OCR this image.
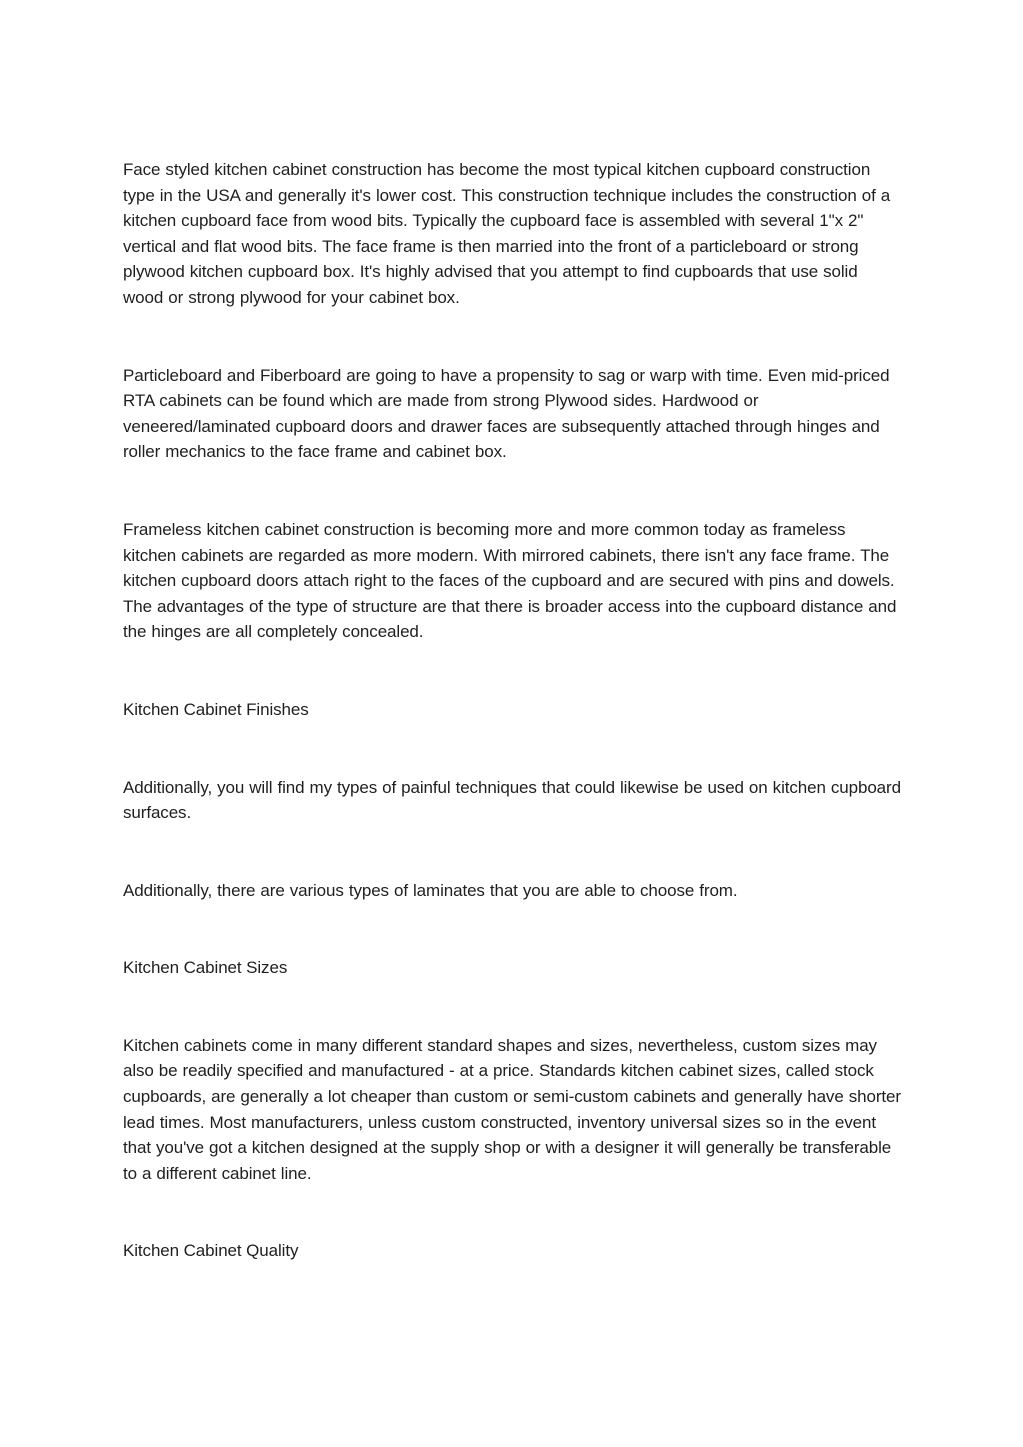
Face styled kitchen cabinet construction has become the most typical kitchen cupboard construction type in the USA and generally it's lower cost. This construction technique includes the construction of a kitchen cupboard face from wood bits. Typically the cupboard face is assembled with several 1"x 2" vertical and flat wood bits. The face frame is then married into the front of a particleboard or strong plywood kitchen cupboard box. It's highly advised that you attempt to find cupboards that use solid wood or strong plywood for your cabinet box.

Particleboard and Fiberboard are going to have a propensity to sag or warp with time. Even mid-priced RTA cabinets can be found which are made from strong Plywood sides. Hardwood or veneered/laminated cupboard doors and drawer faces are subsequently attached through hinges and roller mechanics to the face frame and cabinet box.

Frameless kitchen cabinet construction is becoming more and more common today as frameless kitchen cabinets are regarded as more modern. With mirrored cabinets, there isn't any face frame. The kitchen cupboard doors attach right to the faces of the cupboard and are secured with pins and dowels. The advantages of the type of structure are that there is broader access into the cupboard distance and the hinges are all completely concealed.

Kitchen Cabinet Finishes

Additionally, you will find my types of painful techniques that could likewise be used on kitchen cupboard surfaces.

Additionally, there are various types of laminates that you are able to choose from.

Kitchen Cabinet Sizes

Kitchen cabinets come in many different standard shapes and sizes, nevertheless, custom sizes may also be readily specified and manufactured - at a price. Standards kitchen cabinet sizes, called stock cupboards, are generally a lot cheaper than custom or semi-custom cabinets and generally have shorter lead times. Most manufacturers, unless custom constructed, inventory universal sizes so in the event that you've got a kitchen designed at the supply shop or with a designer it will generally be transferable to a different cabinet line.

Kitchen Cabinet Quality
